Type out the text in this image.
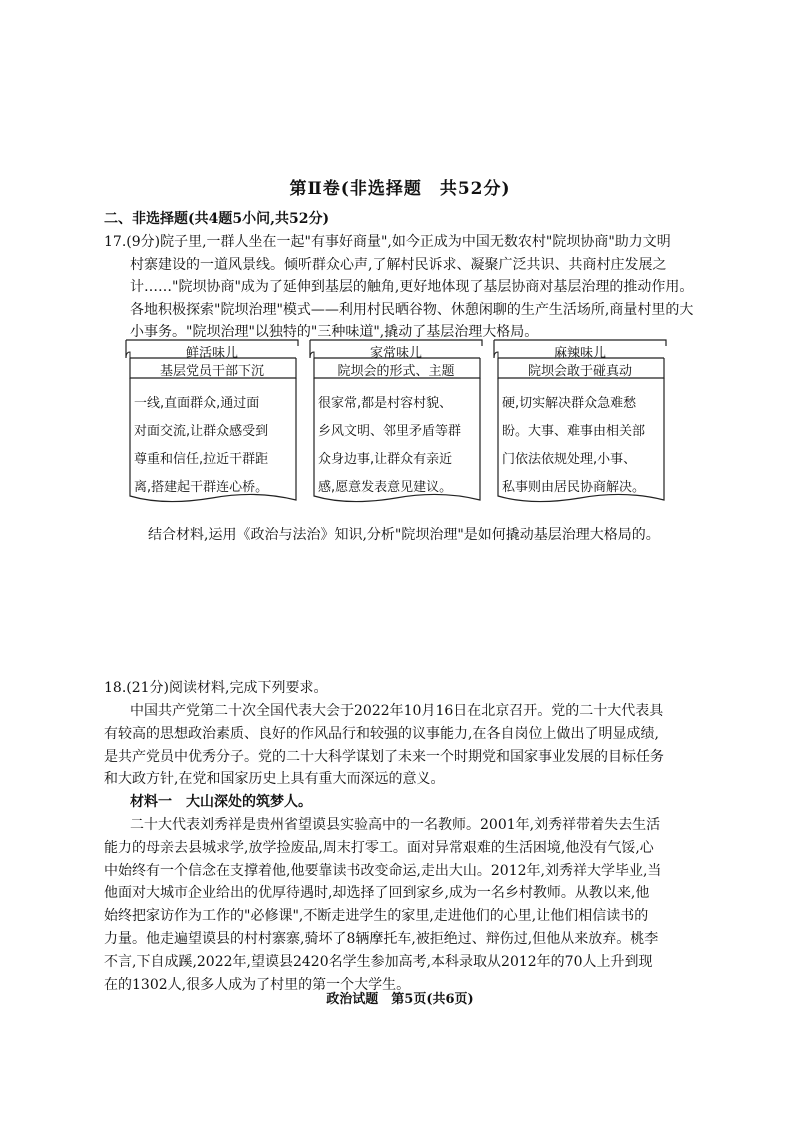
第Ⅱ卷(非选择题　共52分)
二、非选择题(共4题5小问,共52分)
17.(9分)院子里,一群人坐在一起"有事好商量",如今正成为中国无数农村"院坝协商"助力文明
村寨建设的一道风景线。倾听群众心声,了解村民诉求、凝聚广泛共识、共商村庄发展之
计……"院坝协商"成为了延伸到基层的触角,更好地体现了基层协商对基层治理的推动作用。
各地积极探索"院坝治理"模式——利用村民晒谷物、休憩闲聊的生产生活场所,商量村里的大
小事务。"院坝治理"以独特的"三种味道",撬动了基层治理大格局。
鲜活味儿
基层党员干部下沉
一线,直面群众,通过面
对面交流,让群众感受到
尊重和信任,拉近干群距
离,搭建起干群连心桥。
家常味儿
院坝会的形式、主题
很家常,都是村容村貌、
乡风文明、邻里矛盾等群
众身边事,让群众有亲近
感,愿意发表意见建议。
麻辣味儿
院坝会敢于碰真动
硬,切实解决群众急难愁
盼。大事、难事由相关部
门依法依规处理,小事、
私事则由居民协商解决。
结合材料,运用《政治与法治》知识,分析"院坝治理"是如何撬动基层治理大格局的。
18.(21分)阅读材料,完成下列要求。
中国共产党第二十次全国代表大会于2022年10月16日在北京召开。党的二十大代表具
有较高的思想政治素质、良好的作风品行和较强的议事能力,在各自岗位上做出了明显成绩,
是共产党员中优秀分子。党的二十大科学谋划了未来一个时期党和国家事业发展的目标任务
和大政方针,在党和国家历史上具有重大而深远的意义。
材料一　大山深处的筑梦人。
二十大代表刘秀祥是贵州省望谟县实验高中的一名教师。2001年,刘秀祥带着失去生活
能力的母亲去县城求学,放学捡废品,周末打零工。面对异常艰难的生活困境,他没有气馁,心
中始终有一个信念在支撑着他,他要靠读书改变命运,走出大山。2012年,刘秀祥大学毕业,当
他面对大城市企业给出的优厚待遇时,却选择了回到家乡,成为一名乡村教师。从教以来,他
始终把家访作为工作的"必修课",不断走进学生的家里,走进他们的心里,让他们相信读书的
力量。他走遍望谟县的村村寨寨,骑坏了8辆摩托车,被拒绝过、辩伤过,但他从来放弃。桃李
不言,下自成蹊,2022年,望谟县2420名学生参加高考,本科录取从2012年的70人上升到现
在的1302人,很多人成为了村里的第一个大学生。
政治试题　第5页(共6页)
